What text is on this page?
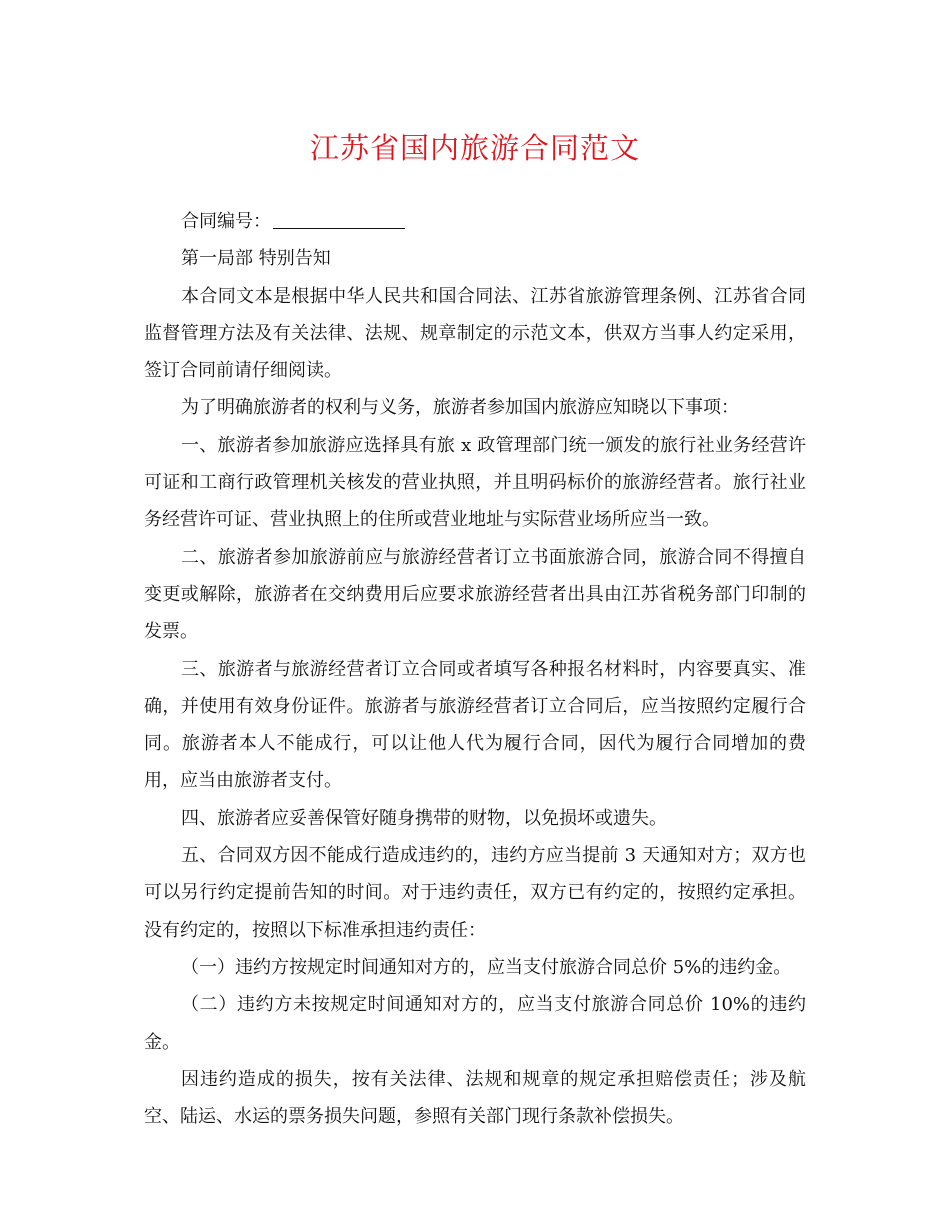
江苏省国内旅游合同范文

合同编号：

第一局部 特别告知

本合同文本是根据中华人民共和国合同法、江苏省旅游管理条例、江苏省合同监督管理方法及有关法律、法规、规章制定的示范文本，供双方当事人约定采用，签订合同前请仔细阅读。

为了明确旅游者的权利与义务，旅游者参加国内旅游应知晓以下事项：

一、旅游者参加旅游应选择具有旅 x 政管理部门统一颁发的旅行社业务经营许可证和工商行政管理机关核发的营业执照，并且明码标价的旅游经营者。旅行社业务经营许可证、营业执照上的住所或营业地址与实际营业场所应当一致。

二、旅游者参加旅游前应与旅游经营者订立书面旅游合同，旅游合同不得擅自变更或解除，旅游者在交纳费用后应要求旅游经营者出具由江苏省税务部门印制的发票。

三、旅游者与旅游经营者订立合同或者填写各种报名材料时，内容要真实、准确，并使用有效身份证件。旅游者与旅游经营者订立合同后，应当按照约定履行合同。旅游者本人不能成行，可以让他人代为履行合同，因代为履行合同增加的费用，应当由旅游者支付。

四、旅游者应妥善保管好随身携带的财物，以免损坏或遗失。

五、合同双方因不能成行造成违约的，违约方应当提前 3 天通知对方；双方也可以另行约定提前告知的时间。对于违约责任，双方已有约定的，按照约定承担。没有约定的，按照以下标准承担违约责任：

（一）违约方按规定时间通知对方的，应当支付旅游合同总价 5%的违约金。

（二）违约方未按规定时间通知对方的，应当支付旅游合同总价 10%的违约金。

因违约造成的损失，按有关法律、法规和规章的规定承担赔偿责任；涉及航空、陆运、水运的票务损失问题，参照有关部门现行条款补偿损失。
